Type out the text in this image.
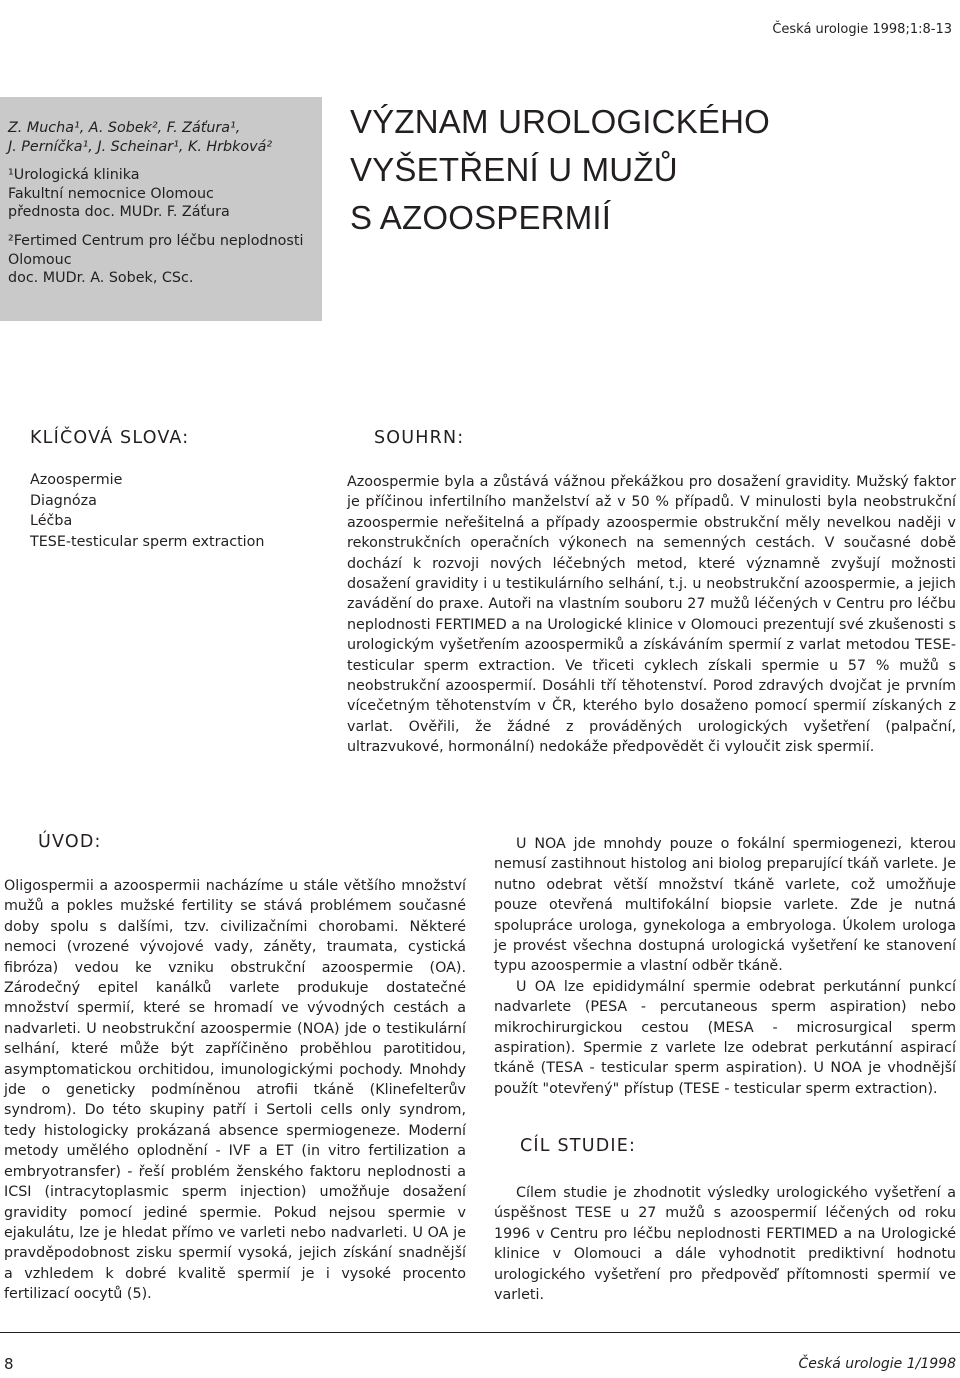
Česká urologie 1998;1:8-13
Z. Mucha¹, A. Sobek², F. Záťura¹,
J. Perníčka¹, J. Scheinar¹, K. Hrbková²
¹Urologická klinika
Fakultní nemocnice Olomouc
přednosta doc. MUDr. F. Záťura
²Fertimed Centrum pro léčbu neplodnosti
Olomouc
doc. MUDr. A. Sobek, CSc.
VÝZNAM UROLOGICKÉHO
VYŠETŘENÍ U MUŽŮ
S AZOOSPERMIÍ
KLÍČOVÁ SLOVA:
Azoospermie
Diagnóza
Léčba
TESE-testicular sperm extraction
SOUHRN:

Azoospermie byla a zůstává vážnou překážkou pro dosažení gravidity. Mužský faktor je příčinou infertilního manželství až v 50 % případů. V minulosti byla neobstrukční azoospermie neřešitelná a případy azoospermie obstrukční měly nevelkou naději v rekonstrukčních operačních výkonech na semenných cestách. V současné době dochází k rozvoji nových léčebných metod, které významně zvyšují možnosti dosažení gravidity i u testikulárního selhání, t.j. u neobstrukční azoospermie, a jejich zavádění do praxe. Autoři na vlastním souboru 27 mužů léčených v Centru pro léčbu neplodnosti FERTIMED a na Urologické klinice v Olomouci prezentují své zkušenosti s urologickým vyšetřením azoospermiků a získáváním spermií z varlat metodou TESE-testicular sperm extraction. Ve třiceti cyklech získali spermie u 57 % mužů s neobstrukční azoospermií. Dosáhli tří těhotenství. Porod zdravých dvojčat je prvním vícečetným těhotenstvím v ČR, kterého bylo dosaženo pomocí spermií získaných z varlat. Ověřili, že žádné z prováděných urologických vyšetření (palpační, ultrazvukové, hormonální) nedokáže předpovědět či vyloučit zisk spermií.

ÚVOD:

Oligospermii a azoospermii nacházíme u stále většího množství mužů a pokles mužské fertility se stává problémem současné doby spolu s dalšími, tzv. civilizačními chorobami. Některé nemoci (vrozené vývojové vady, záněty, traumata, cystická fibróza) vedou ke vzniku obstrukční azoospermie (OA). Zárodečný epitel kanálků varlete produkuje dostatečné množství spermií, které se hromadí ve vývodných cestách a nadvarleti. U neobstrukční azoospermie (NOA) jde o testikulární selhání, které může být zapříčiněno proběhlou parotitidou, asymptomatickou orchitidou, imunologickými pochody. Mnohdy jde o geneticky podmíněnou atrofii tkáně (Klinefelterův syndrom). Do této skupiny patří i Sertoli cells only syndrom, tedy histologicky prokázaná absence spermiogeneze. Moderní metody umělého oplodnění - IVF a ET (in vitro fertilization a embryotransfer) - řeší problém ženského faktoru neplodnosti a ICSI (intracytoplasmic sperm injection) umožňuje dosažení gravidity pomocí jediné spermie. Pokud nejsou spermie v ejakulátu, lze je hledat přímo ve varleti nebo nadvarleti. U OA je pravděpodobnost zisku spermií vysoká, jejich získání snadnější a vzhledem k dobré kvalitě spermií je i vysoké procento fertilizací oocytů (5).

U NOA jde mnohdy pouze o fokální spermiogenezi, kterou nemusí zastihnout histolog ani biolog preparující tkáň varlete. Je nutno odebrat větší množství tkáně varlete, což umožňuje pouze otevřená multifokální biopsie varlete. Zde je nutná spolupráce urologa, gynekologa a embryologa. Úkolem urologa je provést všechna dostupná urologická vyšetření ke stanovení typu azoospermie a vlastní odběr tkáně.

U OA lze epididymální spermie odebrat perkutánní punkcí nadvarlete (PESA - percutaneous sperm aspiration) nebo mikrochirurgickou cestou (MESA - microsurgical sperm aspiration). Spermie z varlete lze odebrat perkutánní aspirací tkáně (TESA - testicular sperm aspiration). U NOA je vhodnější použít "otevřený" přístup (TESE - testicular sperm extraction).

CÍL STUDIE:

Cílem studie je zhodnotit výsledky urologického vyšetření a úspěšnost TESE u 27 mužů s azoospermií léčených od roku 1996 v Centru pro léčbu neplodnosti FERTIMED a na Urologické klinice v Olomouci a dále vyhodnotit prediktivní hodnotu urologického vyšetření pro předpověď přítomnosti spermií ve varleti.

8	Česká urologie 1/1998
